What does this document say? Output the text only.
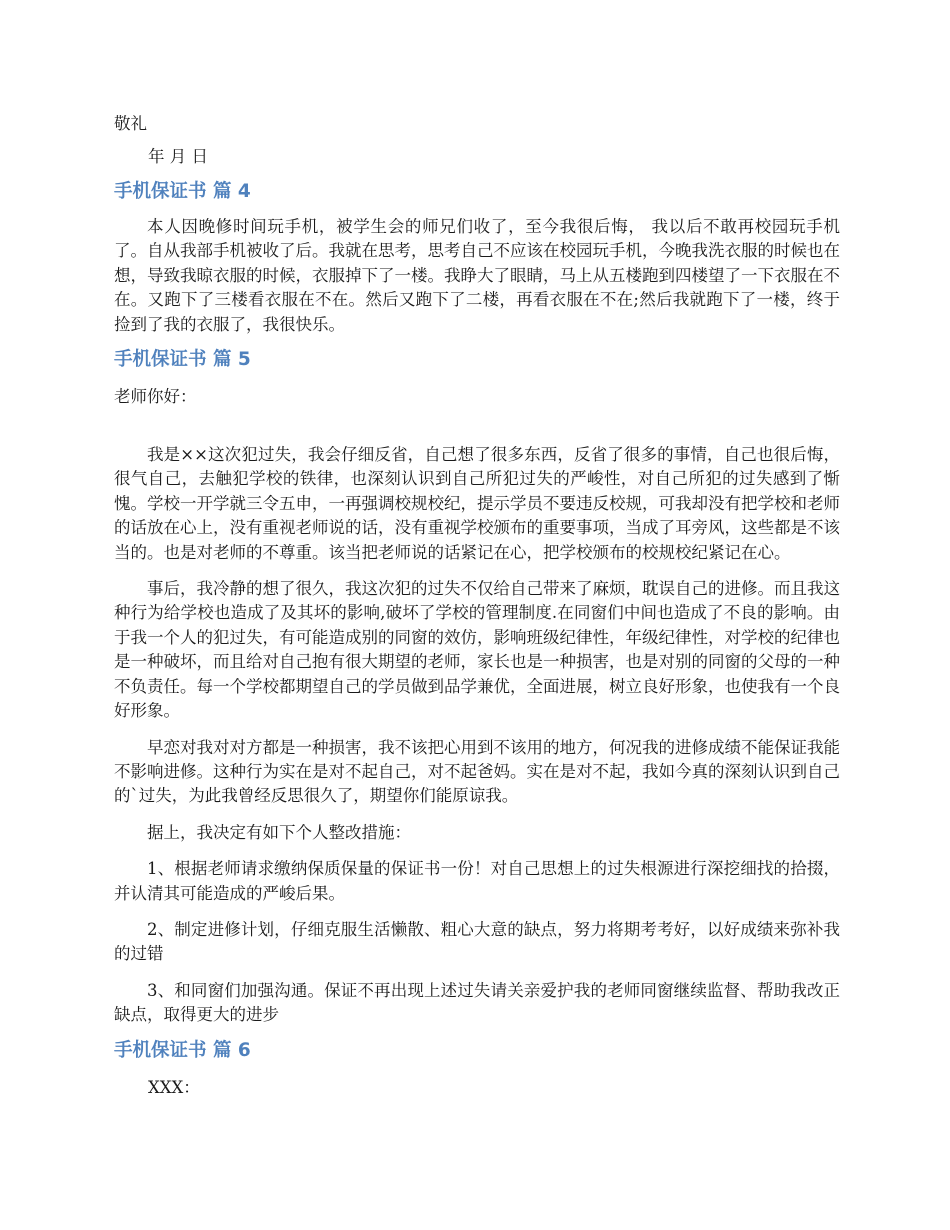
敬礼

年 月 日

手机保证书 篇 4

本人因晚修时间玩手机，被学生会的师兄们收了，至今我很后悔， 我以后不敢再校园玩手机了。自从我部手机被收了后。我就在思考，思考自己不应该在校园玩手机，今晚我洗衣服的时候也在想，导致我晾衣服的时候，衣服掉下了一楼。我睁大了眼睛，马上从五楼跑到四楼望了一下衣服在不在。又跑下了三楼看衣服在不在。然后又跑下了二楼，再看衣服在不在;然后我就跑下了一楼，终于捡到了我的衣服了，我很快乐。

手机保证书 篇 5

老师你好：

我是××这次犯过失，我会仔细反省，自己想了很多东西，反省了很多的事情，自己也很后悔，很气自己，去触犯学校的铁律，也深刻认识到自己所犯过失的严峻性，对自己所犯的过失感到了惭愧。学校一开学就三令五申，一再强调校规校纪，提示学员不要违反校规，可我却没有把学校和老师的话放在心上，没有重视老师说的话，没有重视学校颁布的重要事项，当成了耳旁风，这些都是不该当的。也是对老师的不尊重。该当把老师说的话紧记在心，把学校颁布的校规校纪紧记在心。

事后，我冷静的想了很久，我这次犯的过失不仅给自己带来了麻烦，耽误自己的进修。而且我这种行为给学校也造成了及其坏的影响,破坏了学校的管理制度.在同窗们中间也造成了不良的影响。由于我一个人的犯过失，有可能造成别的同窗的效仿，影响班级纪律性，年级纪律性，对学校的纪律也是一种破坏，而且给对自己抱有很大期望的老师，家长也是一种损害，也是对别的同窗的父母的一种不负责任。每一个学校都期望自己的学员做到品学兼优，全面进展，树立良好形象，也使我有一个良好形象。

早恋对我对对方都是一种损害，我不该把心用到不该用的地方，何况我的进修成绩不能保证我能不影响进修。这种行为实在是对不起自己，对不起爸妈。实在是对不起，我如今真的深刻认识到自己的`过失，为此我曾经反思很久了，期望你们能原谅我。

据上，我决定有如下个人整改措施：

1、根据老师请求缴纳保质保量的保证书一份！对自己思想上的过失根源进行深挖细找的拾掇，并认清其可能造成的严峻后果。

2、制定进修计划，仔细克服生活懒散、粗心大意的缺点，努力将期考考好，以好成绩来弥补我的过错

3、和同窗们加强沟通。保证不再出现上述过失请关亲爱护我的老师同窗继续监督、帮助我改正缺点，取得更大的进步

手机保证书 篇 6

XXX：
